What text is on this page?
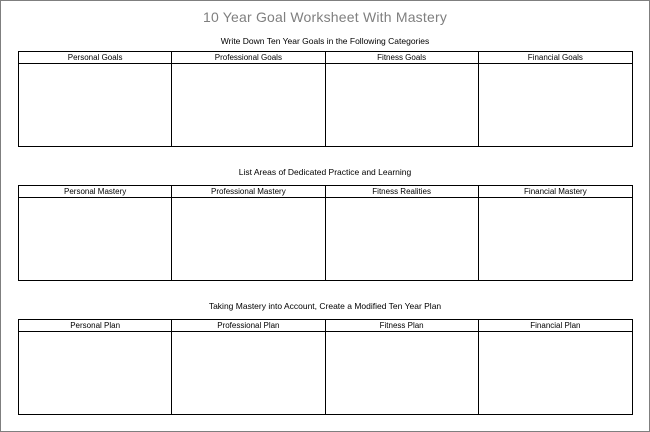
10 Year Goal Worksheet With Mastery
Write Down Ten Year Goals in the Following Categories
Personal Goals	Professional Goals	Fitness Goals	Financial Goals
List Areas of Dedicated Practice and Learning
Personal Mastery	Professional Mastery	Fitness Realities	Financial Mastery
Taking Mastery into Account, Create a Modified Ten Year Plan
Personal Plan	Professional Plan	Fitness Plan	Financial Plan
